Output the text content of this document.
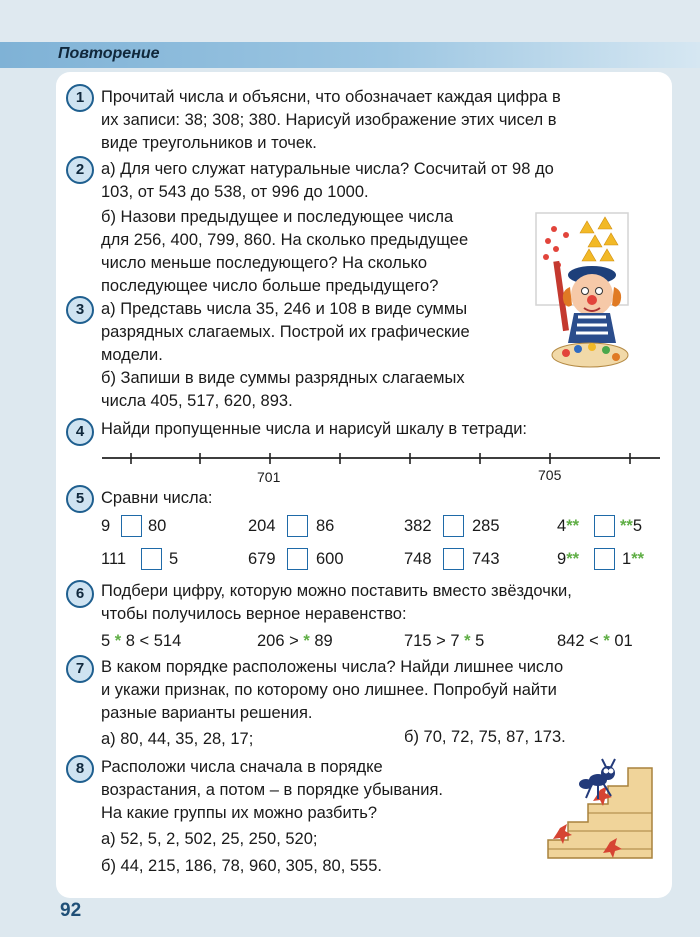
Повторение
1	Прочитай числа и объясни, что обозначает каждая цифра в
их записи: 38; 308; 380. Нарисуй изображение этих чисел в
виде треугольников и точек.
2	а) Для чего служат натуральные числа? Сосчитай от 98 до
103, от 543 до 538, от 996 до 1000.
б) Назови предыдущее и последующее числа
для 256, 400, 799, 860. На сколько предыдущее
число меньше последующего? На сколько
последующее число больше предыдущего?
3	а) Представь числа 35, 246 и 108 в виде суммы
разрядных слагаемых. Построй их графические
модели.
б) Запиши в виде суммы разрядных слагаемых
числа 405, 517, 620, 893.
4	Найди пропущенные числа и нарисуй шкалу в тетради:
701	705
5	Сравни числа:
9 80	204 86	382 285	4** **5
111	5	679 600	748 743	9**	1**
6	Подбери цифру, которую можно поставить вместо звёздочки,
чтобы получилось верное неравенство:
5 * 8 < 514	206 > * 89	715 > 7 * 5	842 < * 01
7	В каком порядке расположены числа? Найди лишнее число
и укажи признак, по которому оно лишнее. Попробуй найти
разные варианты решения.
а) 80, 44, 35, 28, 17;	б) 70, 72, 75, 87, 173.
8	Расположи числа сначала в порядке
возрастания, а потом – в порядке убывания.
На какие группы их можно разбить?
а) 52, 5, 2, 502, 25, 250, 520;
б) 44, 215, 186, 78, 960, 305, 80, 555.
92
